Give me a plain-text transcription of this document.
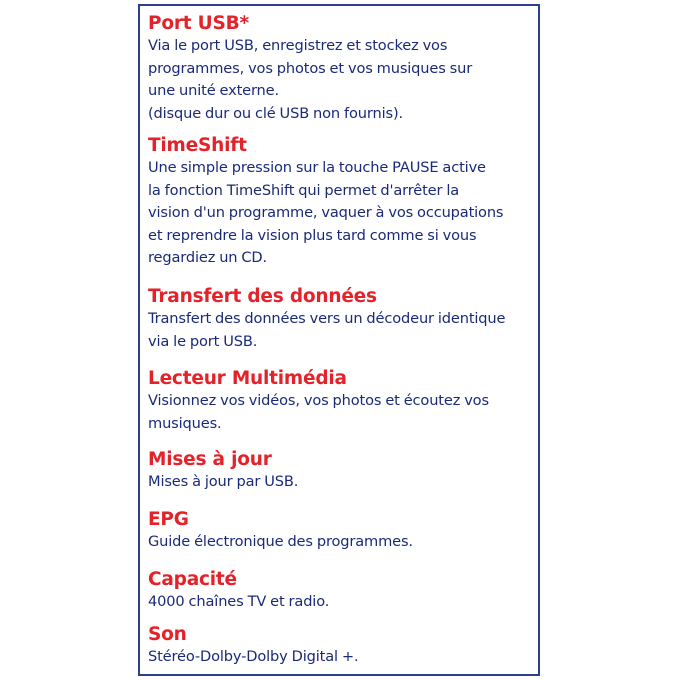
Port USB*
Via le port USB, enregistrez et stockez vos
programmes, vos photos et vos musiques sur
une unité externe.
(disque dur ou clé USB non fournis).
TimeShift
Une simple pression sur la touche PAUSE active
la fonction TimeShift qui permet d'arrêter la
vision d'un programme, vaquer à vos occupations
et reprendre la vision plus tard comme si vous
regardiez un CD.
Transfert des données
Transfert des données vers un décodeur identique
via le port USB.
Lecteur Multimédia
Visionnez vos vidéos, vos photos et écoutez vos
musiques.
Mises à jour
Mises à jour par USB.
EPG
Guide électronique des programmes.
Capacité
4000 chaînes TV et radio.
Son
Stéréo-Dolby-Dolby Digital +.
